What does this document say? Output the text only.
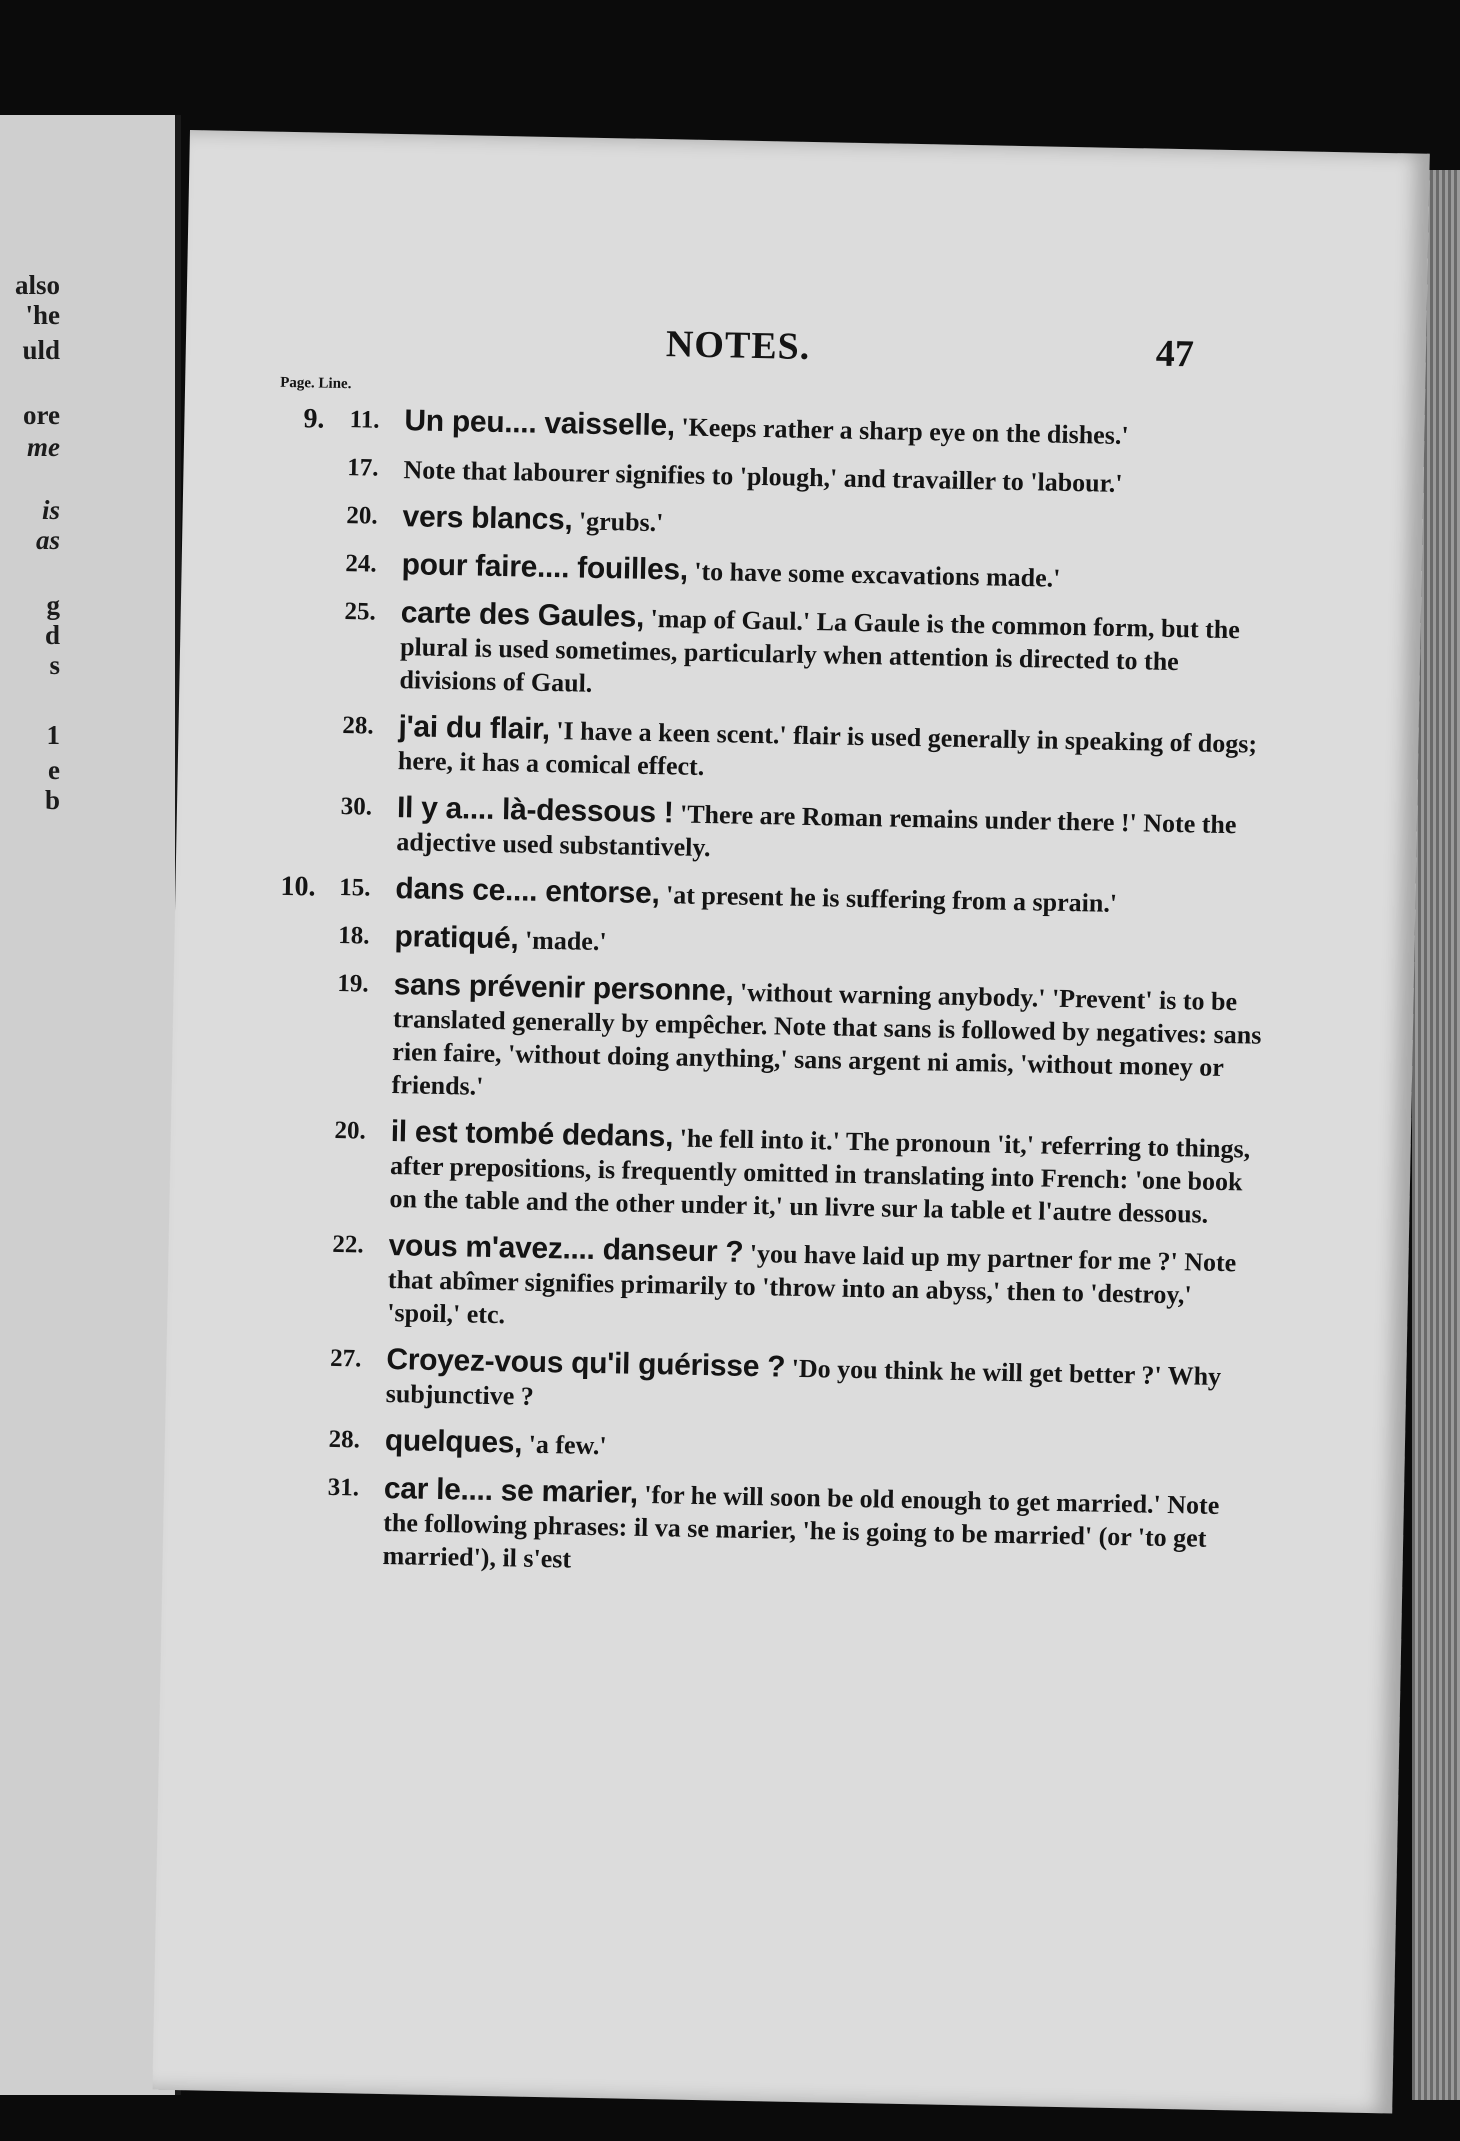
also
'he
uld
ore
me
is
as
g
d
s
1
e
b
NOTES.	47
Page. Line.
9. 11. Un peu.... vaisselle, 'Keeps rather a sharp eye on the dishes.'
17. Note that labourer signifies to 'plough,' and travailler to 'labour.'
20. vers blancs, 'grubs.'
24. pour faire.... fouilles, 'to have some excavations made.'
25. carte des Gaules, 'map of Gaul.' La Gaule is the common form, but the plural is used sometimes, particularly when attention is directed to the divisions of Gaul.
28. j'ai du flair, 'I have a keen scent.' flair is used generally in speaking of dogs; here, it has a comical effect.
30. Il y a.... là-dessous ! 'There are Roman remains under there !' Note the adjective used substantively.
10. 15. dans ce.... entorse, 'at present he is suffering from a sprain.'
18. pratiqué, 'made.'
19. sans prévenir personne, 'without warning anybody.' 'Prevent' is to be translated generally by empêcher. Note that sans is followed by negatives: sans rien faire, 'without doing anything,' sans argent ni amis, 'without money or friends.'
20. il est tombé dedans, 'he fell into it.' The pronoun 'it,' referring to things, after prepositions, is frequently omitted in translating into French: 'one book on the table and the other under it,' un livre sur la table et l'autre dessous.
22. vous m'avez.... danseur ? 'you have laid up my partner for me ?' Note that abîmer signifies primarily to 'throw into an abyss,' then to 'destroy,' 'spoil,' etc.
27. Croyez-vous qu'il guérisse ? 'Do you think he will get better ?' Why subjunctive ?
28. quelques, 'a few.'
31. car le.... se marier, 'for he will soon be old enough to get married.' Note the following phrases: il va se marier, 'he is going to be married' (or 'to get married'), il s'est
